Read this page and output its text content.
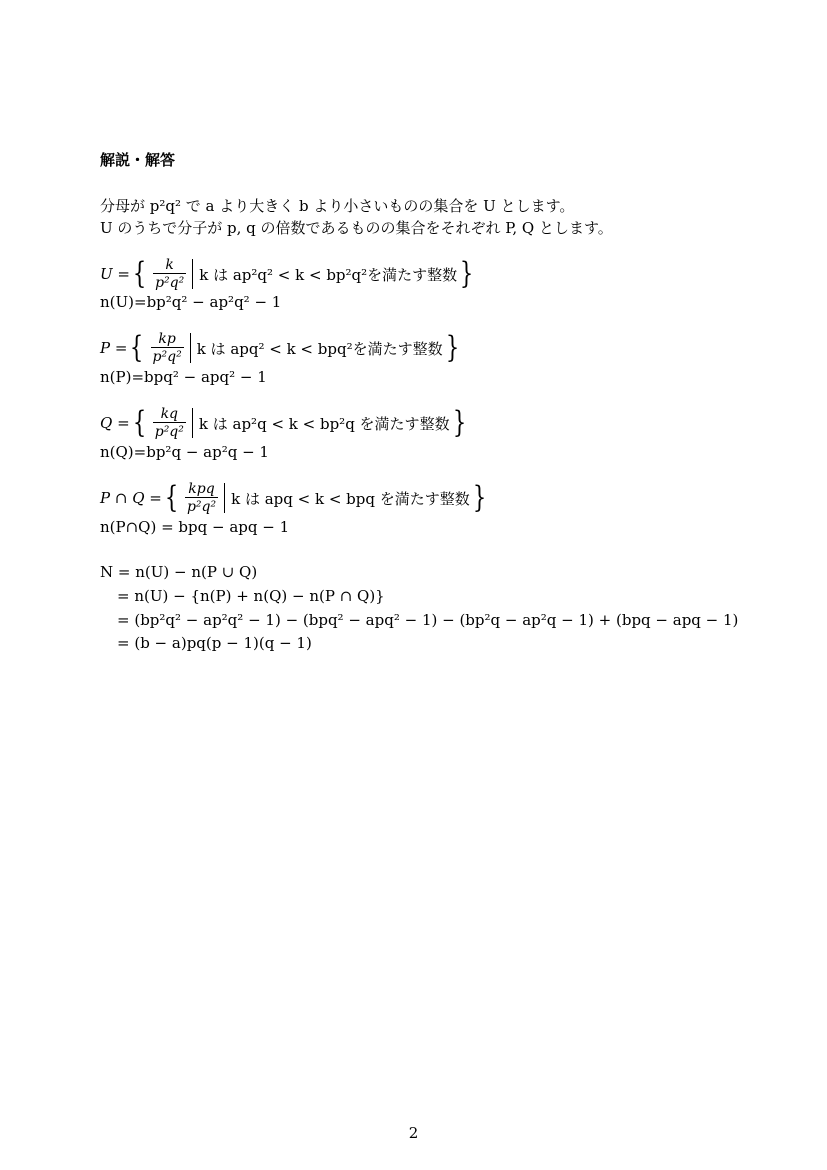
解説・解答
分母が p²q² で a より大きく b より小さいものの集合を U とします。
U のうちで分子が p, q の倍数であるものの集合をそれぞれ P, Q とします。
U = { $\frac{k}{\text{p²q²}}$ k は ap²q² < k < bp²q²を満たす整数 }
n(U)=bp²q² − ap²q² − 1
P = { $\frac{kp}{\text{p²q²}}$ k は apq² < k < bpq²を満たす整数 }
n(P)=bpq² − apq² − 1
Q = { $\frac{kq}{\text{p²q²}}$ k は ap²q < k < bp²q を満たす整数 }
n(Q)=bp²q − ap²q − 1
P ∩ Q = { $\frac{\text{kpq}}{\text{p²q²}}$ k は apq < k < bpq を満たす整数 }
n(P∩Q) = bpq − apq − 1
N = n(U) − n(P ∪ Q)
= n(U) − {n(P) + n(Q) − n(P ∩ Q)}
= (bp²q² − ap²q² − 1) − (bpq² − apq² − 1) − (bp²q − ap²q − 1) + (bpq − apq − 1)
= (b − a)pq(p − 1)(q − 1)
2
